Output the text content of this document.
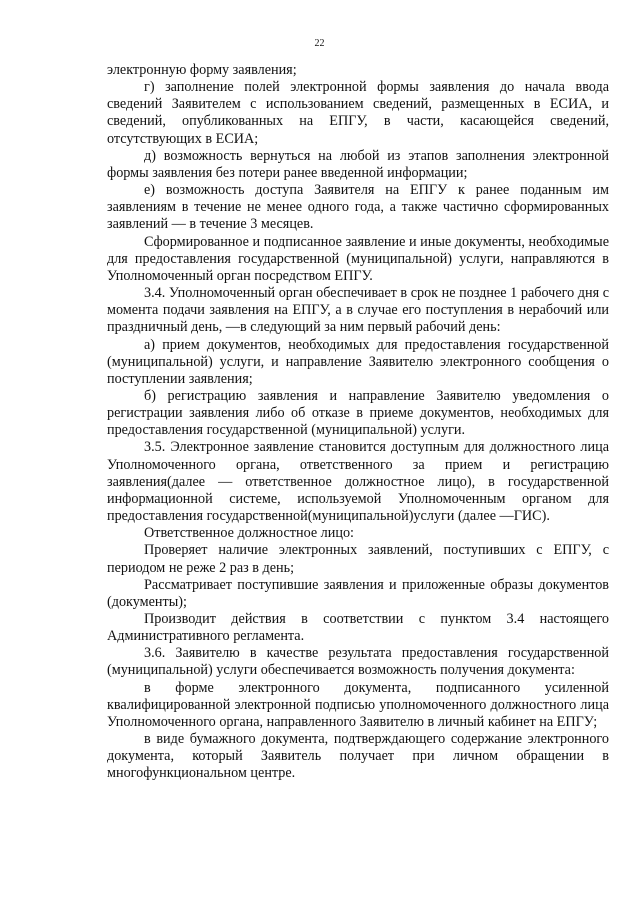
22

электронную форму заявления;

г) заполнение полей электронной формы заявления до начала ввода сведений Заявителем с использованием сведений, размещенных в ЕСИА, и сведений, опубликованных на ЕПГУ, в части, касающейся сведений, отсутствующих в ЕСИА;

д) возможность вернуться на любой из этапов заполнения электронной формы заявления без потери ранее введенной информации;

е) возможность доступа Заявителя на ЕПГУ к ранее поданным им заявлениям в течение не менее одного года, а также частично сформированных заявлений — в течение 3 месяцев.

Сформированное и подписанное заявление и иные документы, необходимые для предоставления государственной (муниципальной) услуги, направляются в Уполномоченный орган посредством ЕПГУ.

3.4. Уполномоченный орган обеспечивает в срок не позднее 1 рабочего дня с момента подачи заявления на ЕПГУ, а в случае его поступления в нерабочий или праздничный день, —в следующий за ним первый рабочий день:

а) прием документов, необходимых для предоставления государственной (муниципальной) услуги, и направление Заявителю электронного сообщения о поступлении заявления;

б) регистрацию заявления и направление Заявителю уведомления о регистрации заявления либо об отказе в приеме документов, необходимых для предоставления государственной (муниципальной) услуги.

3.5. Электронное заявление становится доступным для должностного лица Уполномоченного органа, ответственного за прием и регистрацию заявления(далее — ответственное должностное лицо), в государственной информационной системе, используемой Уполномоченным органом для предоставления государственной(муниципальной)услуги (далее —ГИС).

Ответственное должностное лицо:

Проверяет наличие электронных заявлений, поступивших с ЕПГУ, с периодом не реже 2 раз в день;

Рассматривает поступившие заявления и приложенные образы документов (документы);

Производит действия в соответствии с пунктом 3.4 настоящего Административного регламента.

3.6. Заявителю в качестве результата предоставления государственной (муниципальной) услуги обеспечивается возможность получения документа:

в форме электронного документа, подписанного усиленной квалифицированной электронной подписью уполномоченного должностного лица Уполномоченного органа, направленного Заявителю в личный кабинет на ЕПГУ;

в виде бумажного документа, подтверждающего содержание электронного документа, который Заявитель получает при личном обращении в многофункциональном центре.
